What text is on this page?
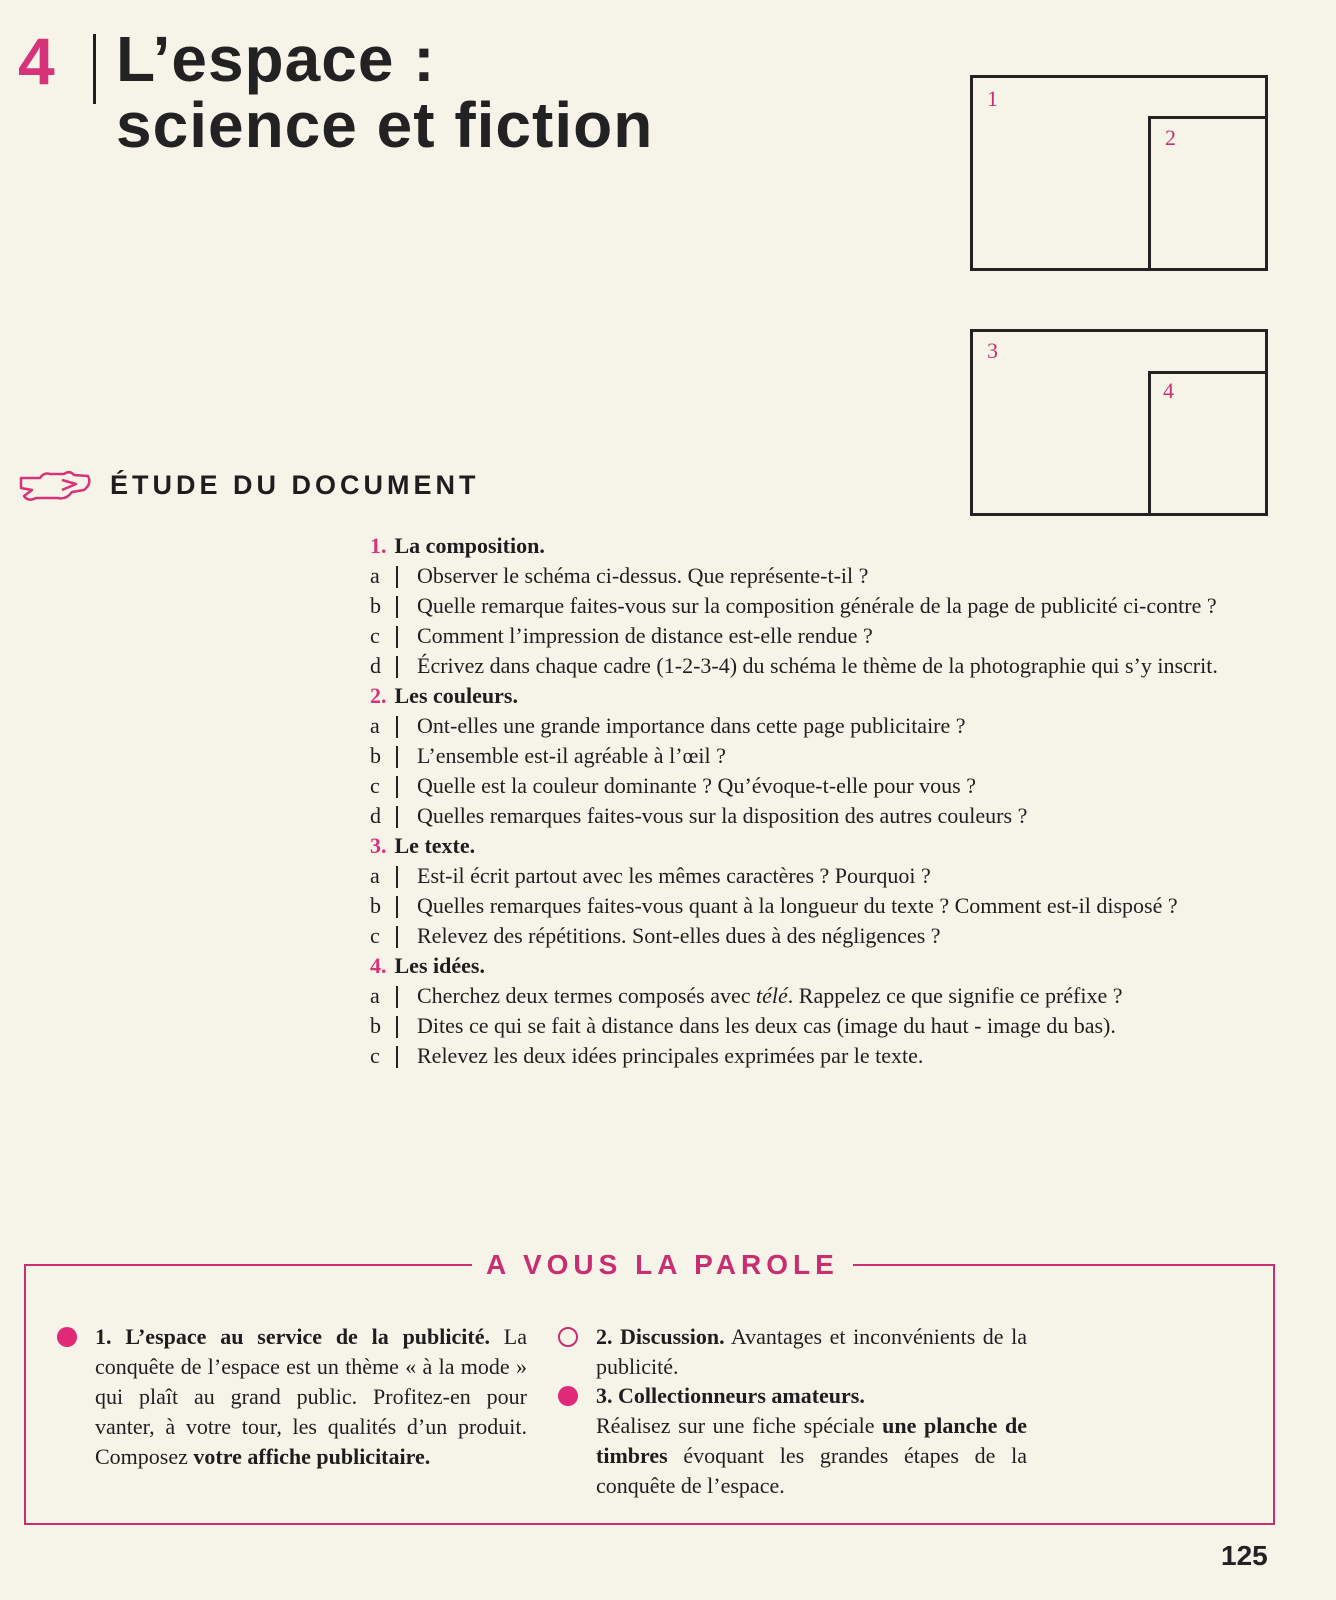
4 L’espace :
science et fiction	1
2
3
4
ÉTUDE DU DOCUMENT
1. La composition.
a	Observer le schéma ci-dessus. Que représente-t-il ?
b	Quelle remarque faites-vous sur la composition générale de la page de publicité ci-contre ?
c	Comment l’impression de distance est-elle rendue ?
d	Écrivez dans chaque cadre (1-2-3-4) du schéma le thème de la photographie qui s’y inscrit.
2. Les couleurs.
a	Ont-elles une grande importance dans cette page publicitaire ?
b	L’ensemble est-il agréable à l’œil ?
c	Quelle est la couleur dominante ? Qu’évoque-t-elle pour vous ?
d	Quelles remarques faites-vous sur la disposition des autres couleurs ?
3. Le texte.
a	Est-il écrit partout avec les mêmes caractères ? Pourquoi ?
b	Quelles remarques faites-vous quant à la longueur du texte ? Comment est-il disposé ?
c	Relevez des répétitions. Sont-elles dues à des négligences ?
4. Les idées.
a	Cherchez deux termes composés avec télé. Rappelez ce que signifie ce préfixe ?
b	Dites ce qui se fait à distance dans les deux cas (image du haut - image du bas).
c	Relevez les deux idées principales exprimées par le texte.
A VOUS LA PAROLE
1. L’espace au service de la publicité. La conquête de l’espace est un thème « à la mode » qui plaît au grand public. Profitez-en pour vanter, à votre tour, les qualités d’un produit. Composez votre affiche publicitaire.
2. Discussion. Avantages et inconvénients de la publicité.
3. Collectionneurs amateurs.
Réalisez sur une fiche spéciale une planche de timbres évoquant les grandes étapes de la conquête de l’espace.
125
